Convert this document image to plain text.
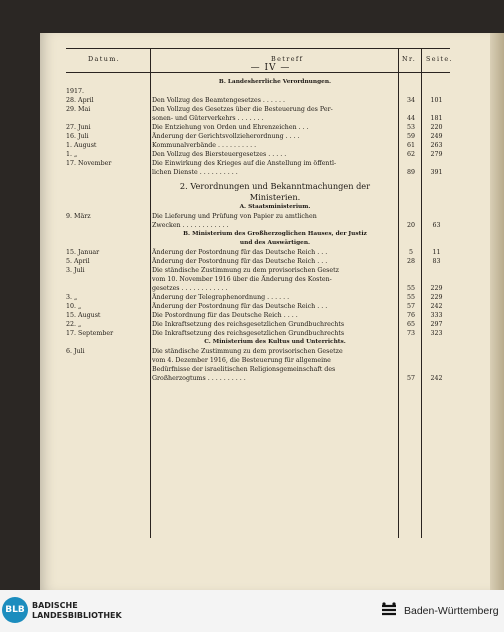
— IV —
Datum.	Betreff	Nr. Seite.
B. Landesherrliche Verordnungen.
1917.
28. April	Den Vollzug des Beamtengesetzes . . . . . .	34	101
29. Mai	Den Vollzug des Gesetzes über die Besteuerung des Per-
sonen- und Güterverkehrs . . . . . . .	44	181
27. Juni	Die Entziehung von Orden und Ehrenzeichen . . .	53	220
16. Juli	Änderung der Gerichtsvollzieherordnung . . . .	59	249
1. August	Kommunalverbände . . . . . . . . . .	61	263
1. „	Den Vollzug des Biersteuergesetzes . . . . .	62	279
17. November	Die Einwirkung des Krieges auf die Anstellung im öffentl-
lichen Dienste . . . . . . . . . .	89	391
2. Verordnungen und Bekanntmachungen der
Ministerien.
A. Staatsministerium.
9. März	Die Lieferung und Prüfung von Papier zu amtlichen
Zwecken . . . . . . . . . . . .	20	63
B. Ministerium des Großherzoglichen Hauses, der Justiz
und des Auswärtigen.
15. Januar	Änderung der Postordnung für das Deutsche Reich . . .	5	11
5. April	Änderung der Postordnung für das Deutsche Reich . . .	28	83
3. Juli	Die ständische Zustimmung zu dem provisorischen Gesetz
vom 10. November 1916 über die Änderung des Kosten-
gesetzes . . . . . . . . . . . .	55	229
3. „	Änderung der Telegraphenordnung . . . . . .	55	229
10. „	Änderung der Postordnung für das Deutsche Reich . . .	57	242
15. August	Die Postordnung für das Deutsche Reich . . . .	76	333
22. „	Die Inkraftsetzung des reichsgesetzlichen Grundbuchrechts	65	297
17. September	Die Inkraftsetzung des reichsgesetzlichen Grundbuchrechts	73	323
C. Ministerium des Kultus und Unterrichts.
6. Juli	Die ständische Zustimmung zu dem provisorischen Gesetze
vom 4. Dezember 1916, die Besteuerung für allgemeine
Bedürfnisse der israelitischen Religionsgemeinschaft des
Großherzogtums . . . . . . . . . .	57	242
BLB BADISCHE
LANDESBIBLIOTHEK	Baden-Württemberg
